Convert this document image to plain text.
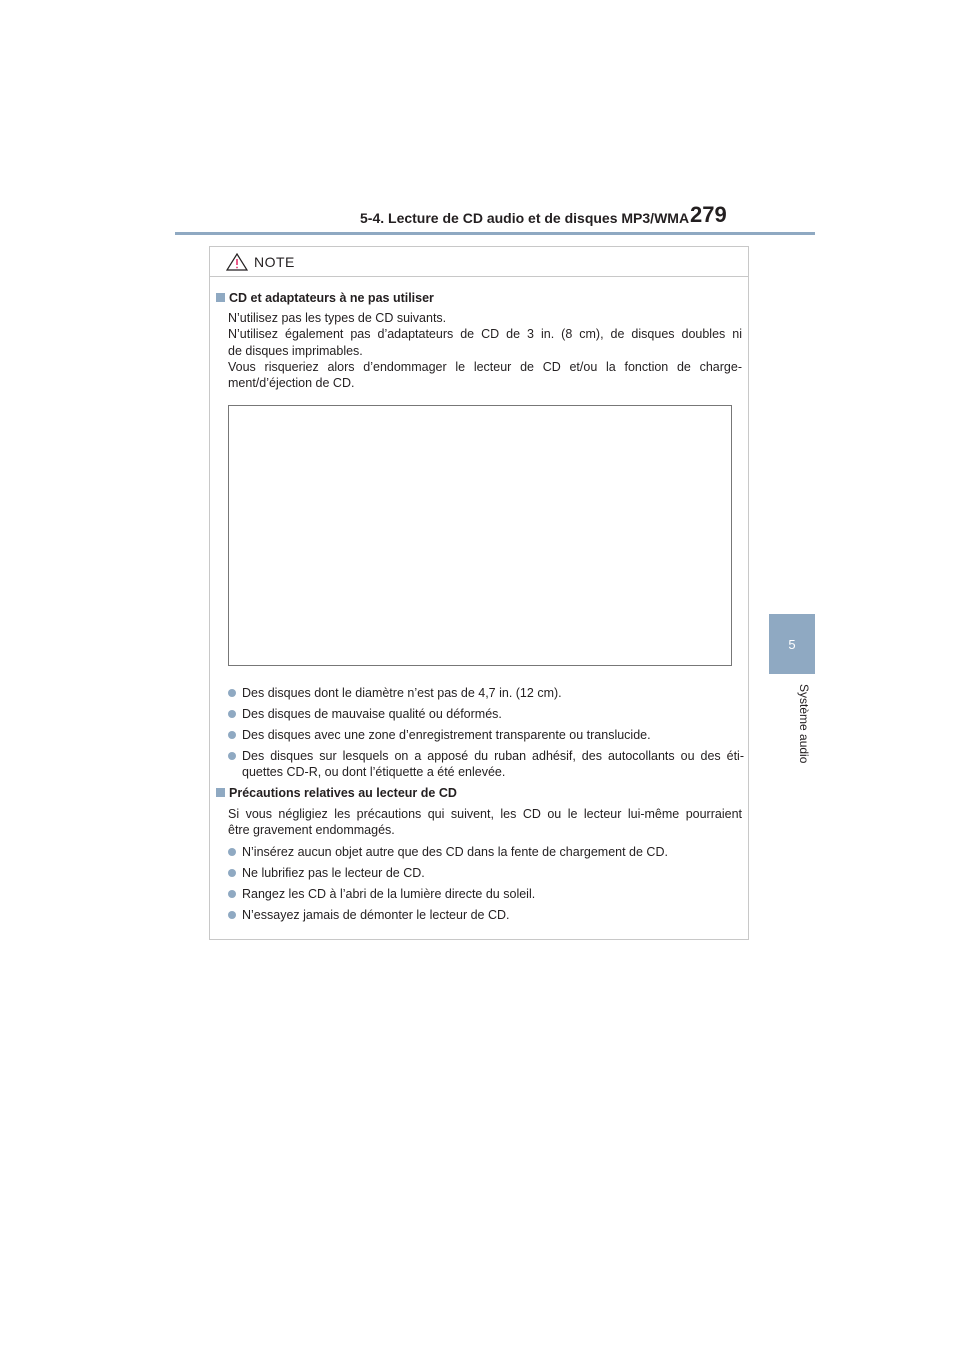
5-4. Lecture de CD audio et de disques MP3/WMA 279
5
Système audio
NOTE
CD et adaptateurs à ne pas utiliser
N’utilisez pas les types de CD suivants.
N’utilisez également pas d’adaptateurs de CD de 3 in. (8 cm), de disques doubles ni
de disques imprimables.
Vous risqueriez alors d’endommager le lecteur de CD et/ou la fonction de charge-
ment/d’éjection de CD.
Des disques dont le diamètre n’est pas de 4,7 in. (12 cm).
Des disques de mauvaise qualité ou déformés.
Des disques avec une zone d’enregistrement transparente ou translucide.
Des disques sur lesquels on a apposé du ruban adhésif, des autocollants ou des éti-quettes CD-R, ou dont l’étiquette a été enlevée.
Précautions relatives au lecteur de CD
Si vous négligiez les précautions qui suivent, les CD ou le lecteur lui-même pourraient
être gravement endommagés.
N’insérez aucun objet autre que des CD dans la fente de chargement de CD.
Ne lubrifiez pas le lecteur de CD.
Rangez les CD à l’abri de la lumière directe du soleil.
N’essayez jamais de démonter le lecteur de CD.
